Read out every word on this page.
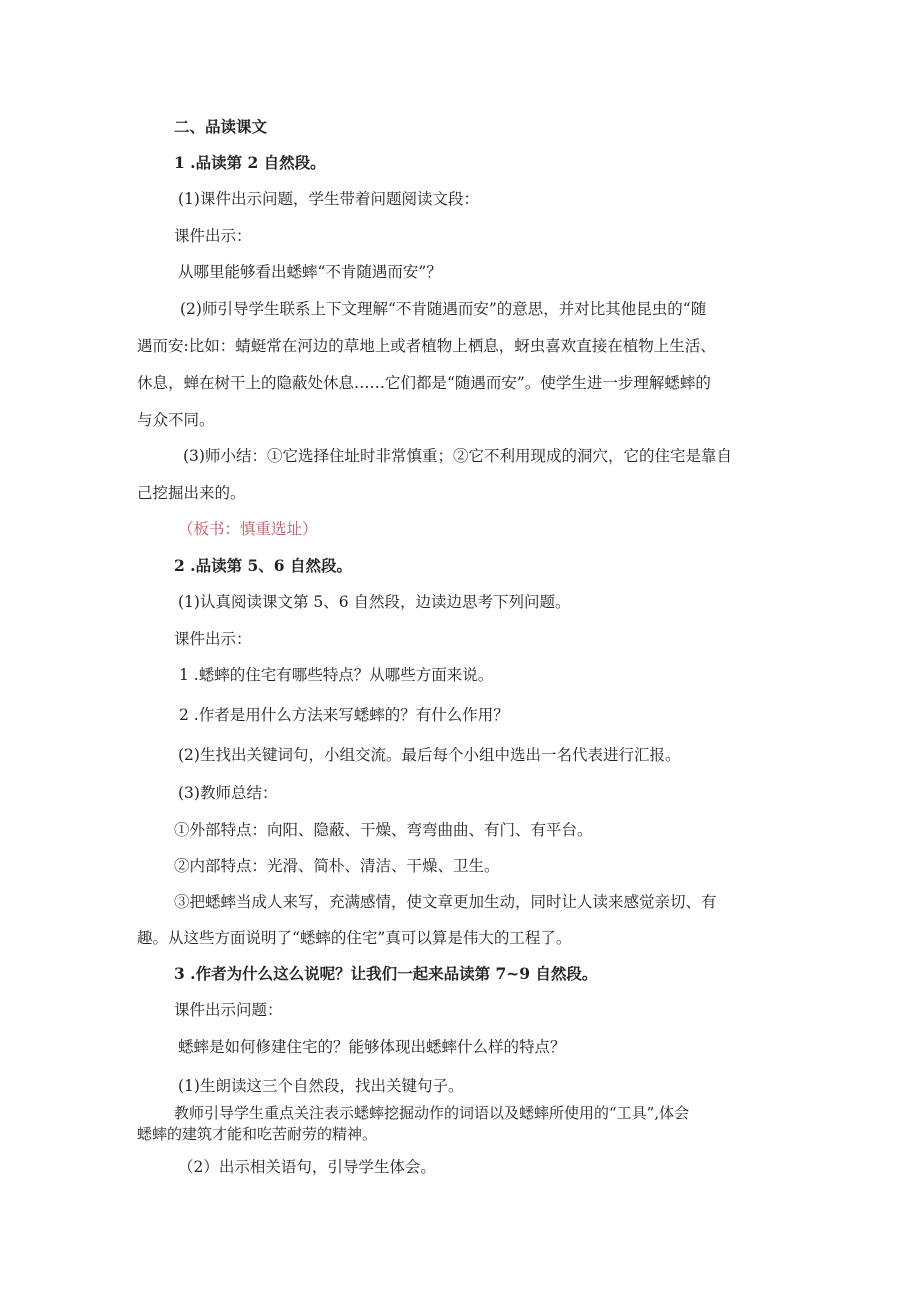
二、品读课文
1 .品读第 2 自然段。
(1)课件出示问题，学生带着问题阅读文段：
课件出示：
从哪里能够看出蟋蟀“不肯随遇而安”？
(2)师引导学生联系上下文理解“不肯随遇而安”的意思，并对比其他昆虫的“随
遇而安:比如：蜻蜓常在河边的草地上或者植物上栖息，蚜虫喜欢直接在植物上生活、
休息，蝉在树干上的隐蔽处休息……它们都是“随遇而安”。使学生进一步理解蟋蟀的
与众不同。
(3)师小结：①它选择住址时非常慎重；②它不利用现成的洞穴，它的住宅是靠自
己挖掘出来的。
（板书：慎重选址）
2 .品读第 5、6 自然段。
(1)认真阅读课文第 5、6 自然段，边读边思考下列问题。
课件出示：
1 .蟋蟀的住宅有哪些特点？从哪些方面来说。
2 .作者是用什么方法来写蟋蟀的？有什么作用？
(2)生找出关键词句，小组交流。最后每个小组中选出一名代表进行汇报。
(3)教师总结：
①外部特点：向阳、隐蔽、干燥、弯弯曲曲、有门、有平台。
②内部特点：光滑、简朴、清洁、干燥、卫生。
③把蟋蟀当成人来写，充满感情，使文章更加生动，同时让人读来感觉亲切、有
趣。从这些方面说明了“蟋蟀的住宅”真可以算是伟大的工程了。
3 .作者为什么这么说呢？让我们一起来品读第 7~9 自然段。
课件出示问题：
蟋蟀是如何修建住宅的？能够体现出蟋蟀什么样的特点？
(1)生朗读这三个自然段，找出关键句子。
教师引导学生重点关注表示蟋蟀挖掘动作的词语以及蟋蟀所使用的“工具”,体会
蟋蟀的建筑才能和吃苦耐劳的精神。
（2）出示相关语句，引导学生体会。
